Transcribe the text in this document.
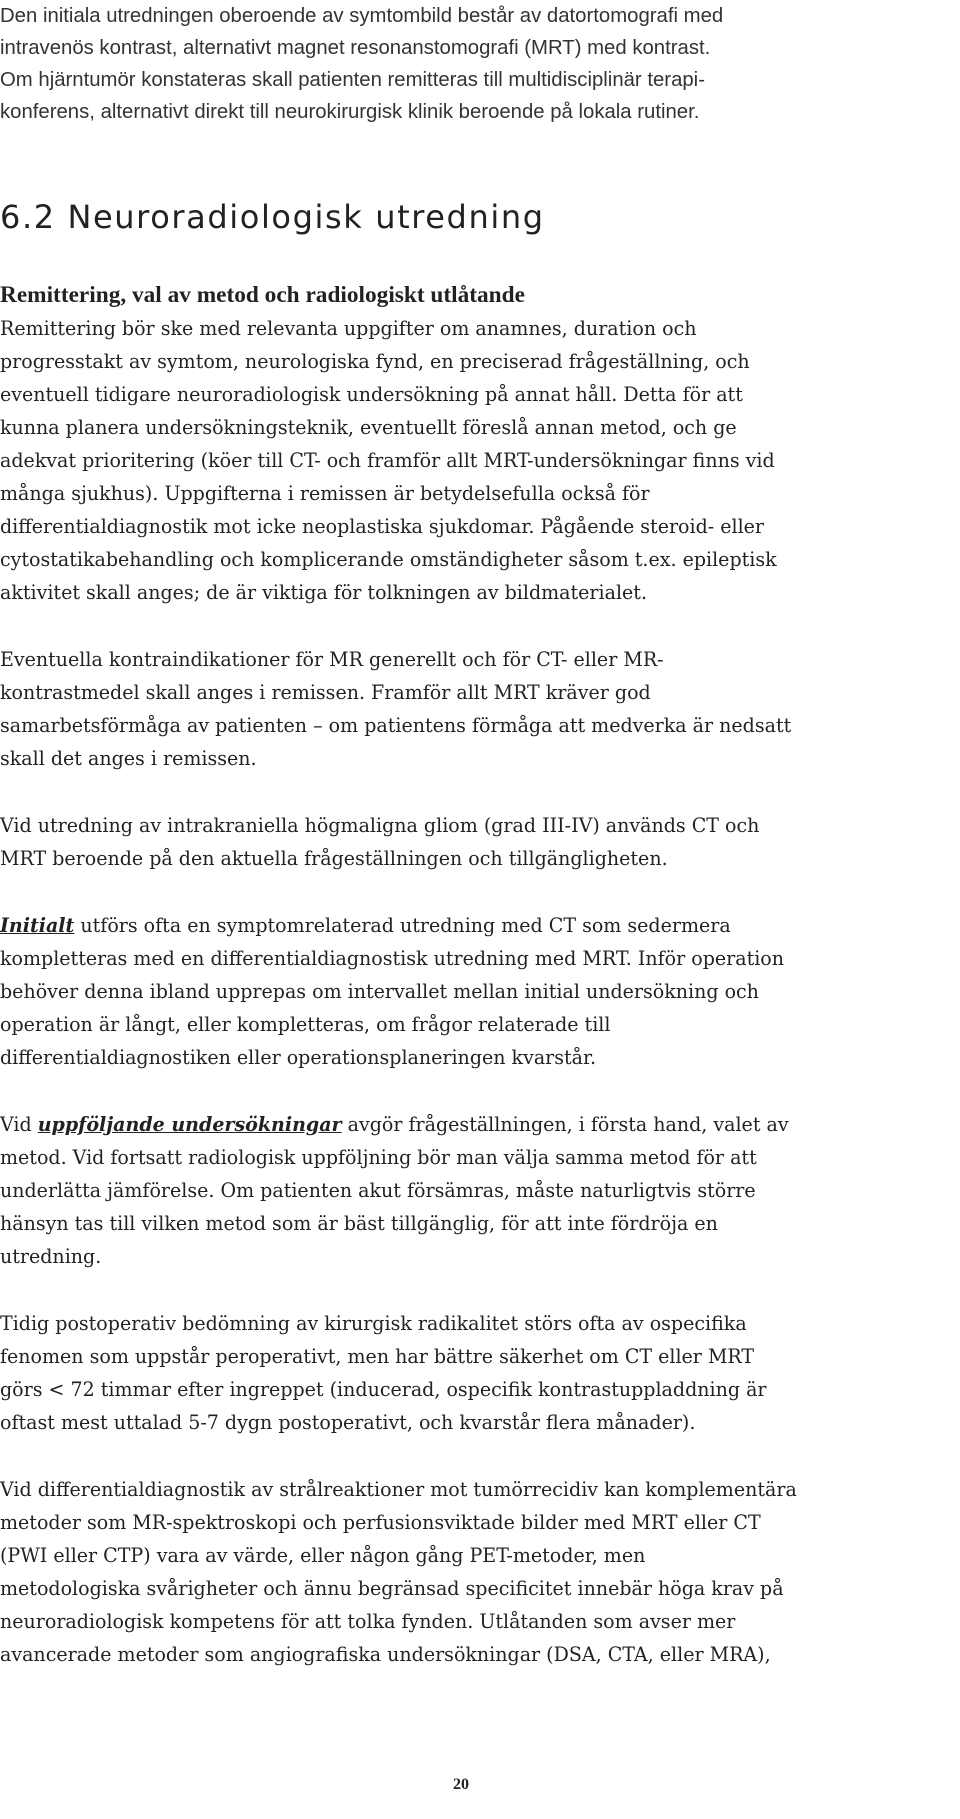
Den initiala utredningen oberoende av symtombild består av datortomografi med
intravenös kontrast, alternativt magnet resonanstomografi (MRT) med kontrast.
Om hjärntumör konstateras skall patienten remitteras till multidisciplinär terapi-
konferens, alternativt direkt till neurokirurgisk klinik beroende på lokala rutiner.
6.2 Neuroradiologisk utredning

Remittering, val av metod och radiologiskt utlåtande

Remittering bör ske med relevanta uppgifter om anamnes, duration och
progresstakt av symtom, neurologiska fynd, en preciserad frågeställning, och
eventuell tidigare neuroradiologisk undersökning på annat håll. Detta för att
kunna planera undersökningsteknik, eventuellt föreslå annan metod, och ge
adekvat prioritering (köer till CT- och framför allt MRT-undersökningar finns vid
många sjukhus). Uppgifterna i remissen är betydelsefulla också för
differentialdiagnostik mot icke neoplastiska sjukdomar. Pågående steroid- eller
cytostatikabehandling och komplicerande omständigheter såsom t.ex. epileptisk
aktivitet skall anges; de är viktiga för tolkningen av bildmaterialet.
Eventuella kontraindikationer för MR generellt och för CT- eller MR-
kontrastmedel skall anges i remissen. Framför allt MRT kräver god
samarbetsförmåga av patienten – om patientens förmåga att medverka är nedsatt
skall det anges i remissen.
Vid utredning av intrakraniella högmaligna gliom (grad III-IV) används CT och
MRT beroende på den aktuella frågeställningen och tillgängligheten.
Initialt utförs ofta en symptomrelaterad utredning med CT som sedermera
kompletteras med en differentialdiagnostisk utredning med MRT. Inför operation
behöver denna ibland upprepas om intervallet mellan initial undersökning och
operation är långt, eller kompletteras, om frågor relaterade till
differentialdiagnostiken eller operationsplaneringen kvarstår.
Vid uppföljande undersökningar avgör frågeställningen, i första hand, valet av
metod. Vid fortsatt radiologisk uppföljning bör man välja samma metod för att
underlätta jämförelse. Om patienten akut försämras, måste naturligtvis större
hänsyn tas till vilken metod som är bäst tillgänglig, för att inte fördröja en
utredning.
Tidig postoperativ bedömning av kirurgisk radikalitet störs ofta av ospecifika
fenomen som uppstår peroperativt, men har bättre säkerhet om CT eller MRT
görs < 72 timmar efter ingreppet (inducerad, ospecifik kontrastuppladdning är
oftast mest uttalad 5-7 dygn postoperativt, och kvarstår flera månader).
Vid differentialdiagnostik av strålreaktioner mot tumörrecidiv kan komplementära
metoder som MR-spektroskopi och perfusionsviktade bilder med MRT eller CT
(PWI eller CTP) vara av värde, eller någon gång PET-metoder, men
metodologiska svårigheter och ännu begränsad specificitet innebär höga krav på
neuroradiologisk kompetens för att tolka fynden. Utlåtanden som avser mer
avancerade metoder som angiografiska undersökningar (DSA, CTA, eller MRA),
20
